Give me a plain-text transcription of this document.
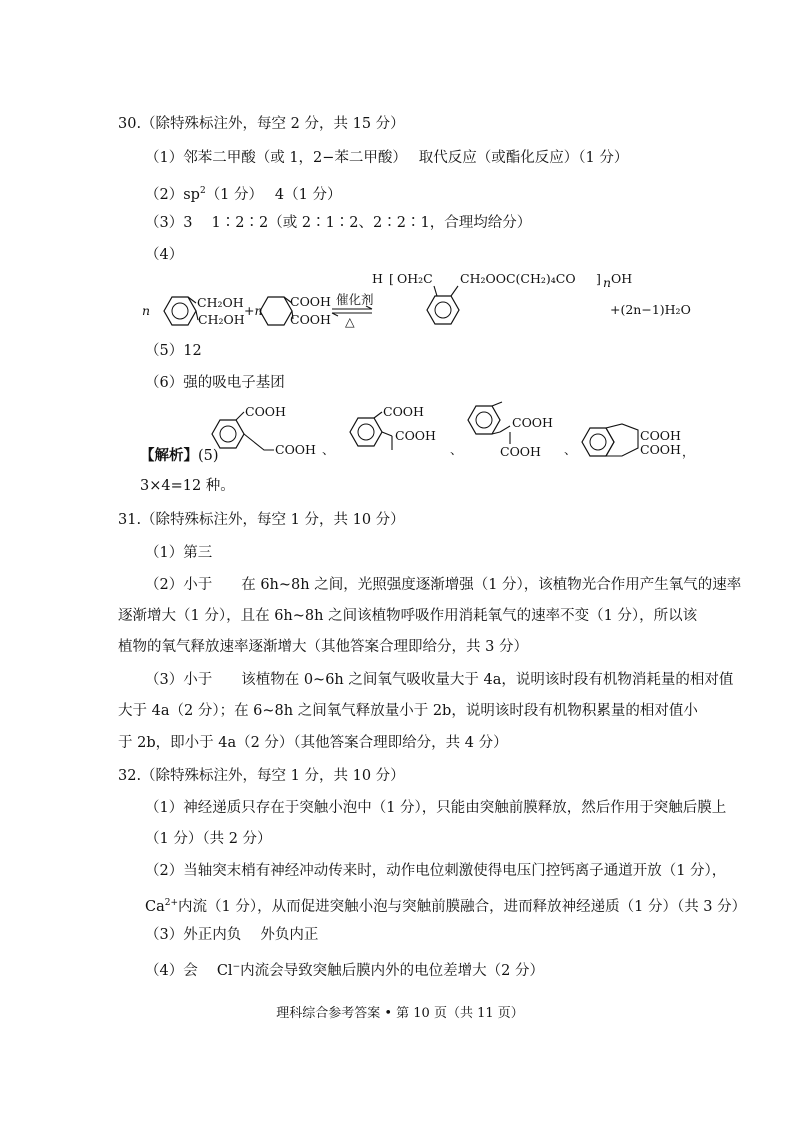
30.（除特殊标注外，每空 2 分，共 15 分）
（1）邻苯二甲酸（或 1，2−苯二甲酸）　 取代反应（或酯化反应）（1 分）
$(2)sp^2(1$ 分）　 4（1 分）
（3）3　 1∶2∶2（或 2∶1∶2、2∶2∶1，合理均给分）
（4）
n
CH₂OH
CH₂OH
+n
COOH
COOH
催化剂
△
H [ OH₂C CH₂OOC(CH₂)₄CO ] n OH
+(2n−1)H₂O
（5）12
（6）强的吸电子基团
【解析】(5)
COOH
COOH 、
COOH
COOH
、
COOH
COOH 、
COOH
COOH ，
3×4=12 种。
31.（除特殊标注外，每空 1 分，共 10 分）
（1）第三
（2）小于　　在 6h~8h 之间，光照强度逐渐增强（1 分），该植物光合作用产生氧气的速率
逐渐增大（1 分），且在 6h~8h 之间该植物呼吸作用消耗氧气的速率不变（1 分），所以该
植物的氧气释放速率逐渐增大（其他答案合理即给分，共 3 分）
（3）小于　　该植物在 0~6h 之间氧气吸收量大于 4a，说明该时段有机物消耗量的相对值
大于 4a（2 分）；在 6~8h 之间氧气释放量小于 2b，说明该时段有机物积累量的相对值小
于 2b，即小于 4a（2 分）（其他答案合理即给分，共 4 分）
32.（除特殊标注外，每空 1 分，共 10 分）
（1）神经递质只存在于突触小泡中（1 分），只能由突触前膜释放，然后作用于突触后膜上
（1 分）（共 2 分）
（2）当轴突末梢有神经冲动传来时，动作电位刺激使得电压门控钙离子通道开放（1 分），
$Ca^{2+}$内流（1 分），从而促进突触小泡与突触前膜融合，进而释放神经递质（1 分）（共 3 分）
（3）外正内负　 外负内正
（4）会　 Cl−内流会导致突触后膜内外的电位差增大（2 分）
理科综合参考答案 • 第 10 页（共 11 页）
